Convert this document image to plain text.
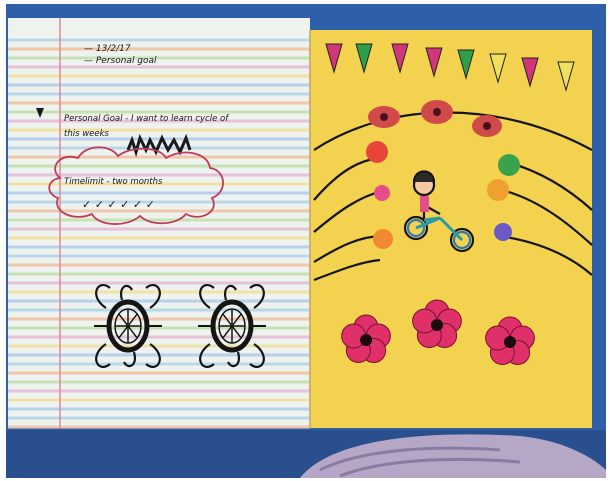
— 13/2/17
— Personal goal
Personal Goal - I want to learn cycle of
this weeks
Timelimit - two months
✓ ✓ ✓ ✓ ✓ ✓
